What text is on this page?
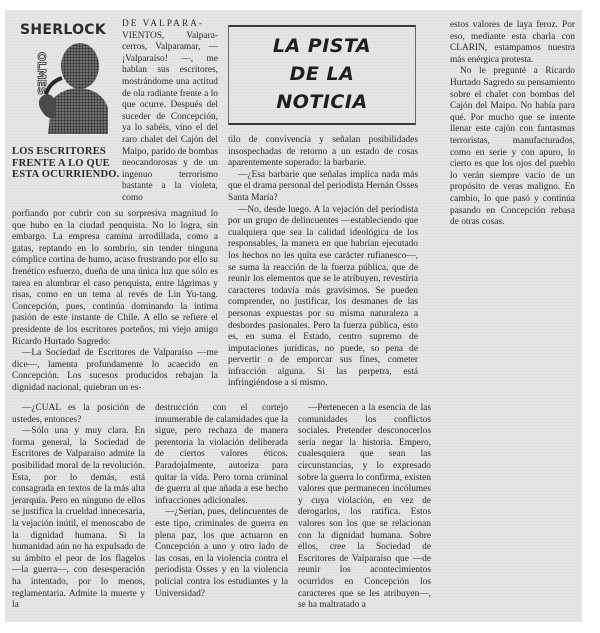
SHERLOCK
OLMES
LOS ESCRITORES FRENTE A LO QUE ESTA OCURRIENDO.

DE VALPARA-

VIENTOS, Valpara-cerros, Valparamar, — ¡Valparaíso! —, me hablan sus escritores, mostrándome una actitud de ola radiante frente a lo que ocurre. Después del suceder de Concepción, ya lo sabéis, vino el del raro chalet del Cajón del Maipo, parido de bombas neocandorosas y de un ingenuo terrorismo bastante a la violeta, como

porfiando por cubrir con su sorpresiva magnitud lo que hubo en la ciudad penquista. No lo logra, sin embargo. La empresa camina arrodillada, como a gatas, reptando en lo sombrío, sin tender ninguna cómplice cortina de humo, acaso frustrando por ello su frenético esfuerzo, dueña de una única luz que sólo es tarea en alumbrar el caso penquista, entre lágrimas y risas, como en un tema al revés de Lin Yu-tang. Concepción, pues, continúa dominando la íntima pasión de este instante de Chile. A ello se refiere el presidente de los escritores porteños, mi viejo amigo Ricardo Hurtado Sagredo:

—La Sociedad de Escritores de Valparaíso —me dice—, lamenta profundamente lo acaecido en Concepción. Los sucesos producidos rebajan la dignidad nacional, quiebran un es-

LA PISTA
DE LA
NOTICIA

tilo de convivencia y señalan posibilidades insospechadas de retorno a un estado de cosas aparentemente superado: la barbarie.

—¿Esa barbarie que señalas implica nada más que el drama personal del periodista Hernán Osses Santa María?

—No, desde luego. A la vejación del periodista por un grupo de delincuentes —estableciendo que cualquiera que sea la calidad ideológica de los responsables, la manera en que habrían ejecutado los hechos no les quita ese carácter rufianesco—, se suma la reacción de la fuerza pública, que de reunir los elementos que se le atribuyen, revestiría caracteres todavía más gravísimos. Se pueden comprender, no justificar, los desmanes de las personas expuestas por su misma naturaleza a desbordes pasionales. Pero la fuerza pública, esto es, en suma el Estado, centro supremo de imputaciones jurídicas, no puede, so pena de pervertir o de emporcar sus fines, cometer infracción alguna. Si las perpetra, está infringiéndose a sí mismo.

estos valores de laya feroz. Por eso, mediante esta charla con CLARIN, estampamos nuestra más enérgica protesta.

No le pregunté a Ricardo Hurtado Sagredo su pensamiento sobre el chalet con bombas del Cajón del Maipo. No había para qué. Por mucho que se intente llenar este cajón con fantasmas terroristas, manufacturados, como en serie y con apuro, lo cierto es que los ojos del pueblo lo verán siempre vacío de un propósito de veras maligno. En cambio, lo que pasó y continúa pasando en Concepción rebasa de otras cosas.

—¿CUAL es la posición de ustedes, entonces?

—Sólo una y muy clara. En forma general, la Sociedad de Escritores de Valparaíso admite la posibilidad moral de la revolución. Esta, por lo demás, está consagrada en textos de la más alta jerarquía. Pero en ninguno de ellos se justifica la crueldad innecesaria, la vejación inútil, el menoscabo de la dignidad humana. Si la humanidad aún no ha expulsado de su ámbito el peor de los flagelos —la guerra—, con desesperación ha intentado, por lo menos, reglamentaria. Admite la muerte y la

destrucción con el cortejo innumerable de calamidades que la sigue, pero rechaza de manera perentoria la violación deliberada de ciertos valores éticos. Paradojalmente, autoriza para quitar la vida. Pero torna criminal de guerra al que añada a ese hecho infracciones adicionales.

—¿Serían, pues, delincuentes de este tipo, criminales de guerra en plena paz, los que actuaron en Concepción a uno y otro lado de las cosas, en la violencia contra el periodista Osses y en la violencia policial contra los estudiantes y la Universidad?

—Pertenecen a la esencia de las comunidades los conflictos sociales. Pretender desconocerlos sería negar la historia. Empero, cualesquiera que sean las circunstancias, y lo expresado sobre la guerra lo confirma, existen valores que permanecen incólumes y cuya violación, en vez de derogarlos, los ratifica. Estos valores son los que se relacionan con la dignidad humana. Sobre ellos, cree la Sociedad de Escritores de Valparaíso que —de reunir los acontecimientos ocurridos en Concepción los caracteres que se les atribuyen—, se ha maltratado a
